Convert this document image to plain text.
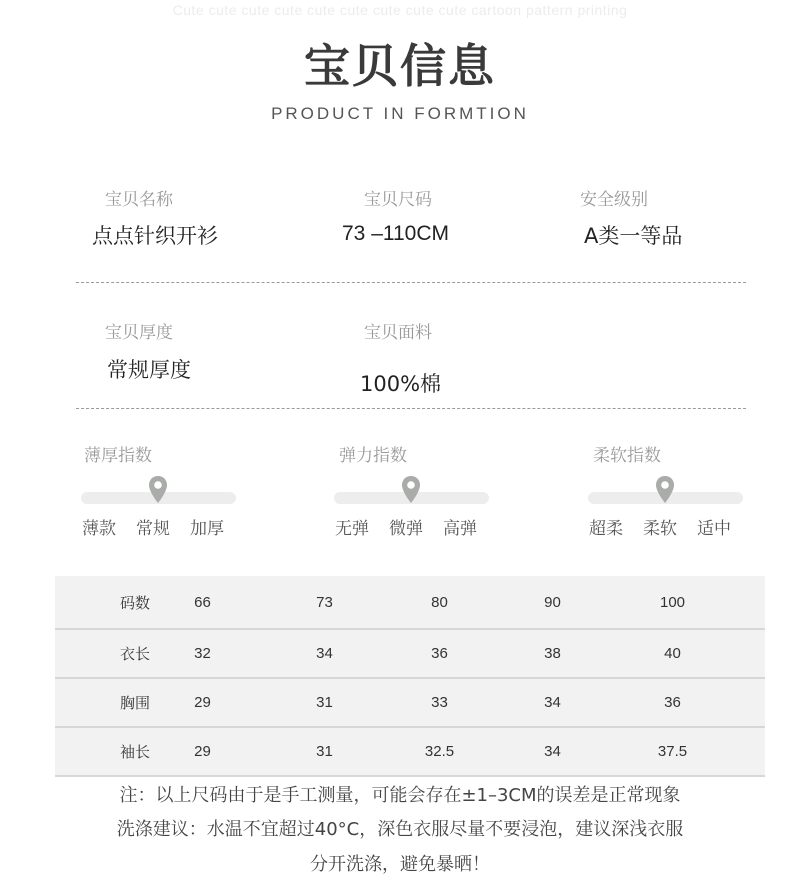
Cute cute cute cute cute cute cute cute cute cartoon pattern printing
宝贝信息
PRODUCT IN FORMTION
宝贝名称
点点针织开衫
宝贝尺码
73 –110CM
安全级别
A类一等品
宝贝厚度
常规厚度
宝贝面料
100%棉
薄厚指数
薄款 常规 加厚
弹力指数
无弹 微弹 高弹
柔软指数
超柔 柔软 适中
码数	66	73	80	90	100
衣长	32	34	36	38	40
胸围	29	31	33	34	36
袖长	29	31	32.5	34	37.5
注：以上尺码由于是手工测量，可能会存在±1–3CM的误差是正常现象
洗涤建议：水温不宜超过40°C，深色衣服尽量不要浸泡，建议深浅衣服
分开洗涤，避免暴晒！
